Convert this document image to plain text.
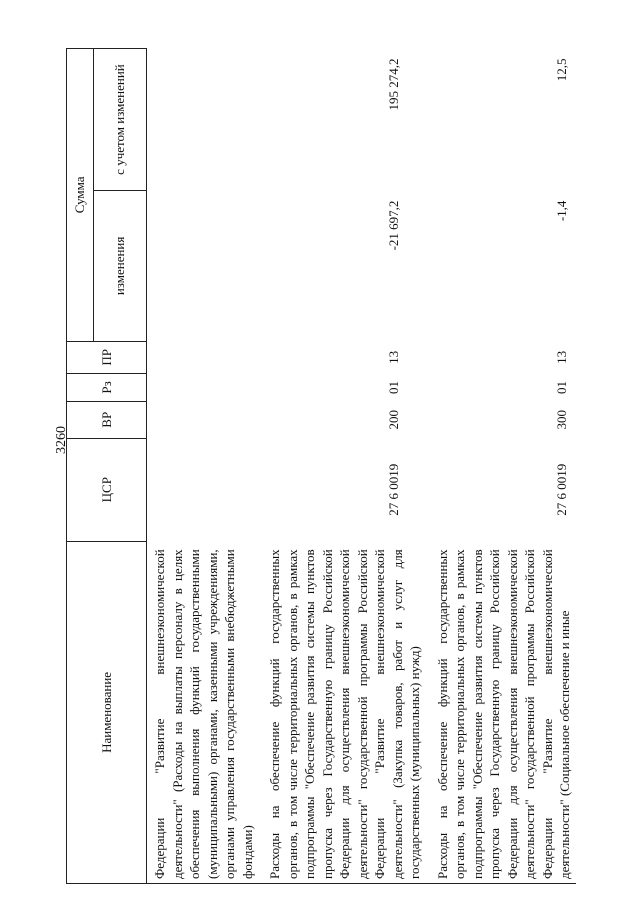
3260
Наименование	ЦСР	ВР	Рз	ПР	Сумма	
					изменения	с учетом изменений
Федерации "Развитие внешнеэкономической деятельности" (Расходы на выплаты персоналу в целях обеспечения выполнения функций государственными (муниципальными) органами, казенными учреждениями, органами управления государственными внебюджетными фондами)						
Расходы на обеспечение функций государственных органов, в том числе территориальных органов, в рамках подпрограммы "Обеспечение развития системы пунктов пропуска через Государственную границу Российской Федерации для осуществления внешнеэкономической деятельности" государственной программы Российской Федерации "Развитие внешнеэкономической деятельности" (Закупка товаров, работ и услуг для государственных (муниципальных) нужд)	27 6 0019	200	01	13	-21 697,2	195 274,2
Расходы на обеспечение функций государственных органов, в том числе территориальных органов, в рамках подпрограммы "Обеспечение развития системы пунктов пропуска через Государственную границу Российской Федерации для осуществления внешнеэкономической деятельности" государственной программы Российской Федерации "Развитие внешнеэкономической деятельности" (Социальное обеспечение и иные	27 6 0019	300	01	13	-1,4	12,5
